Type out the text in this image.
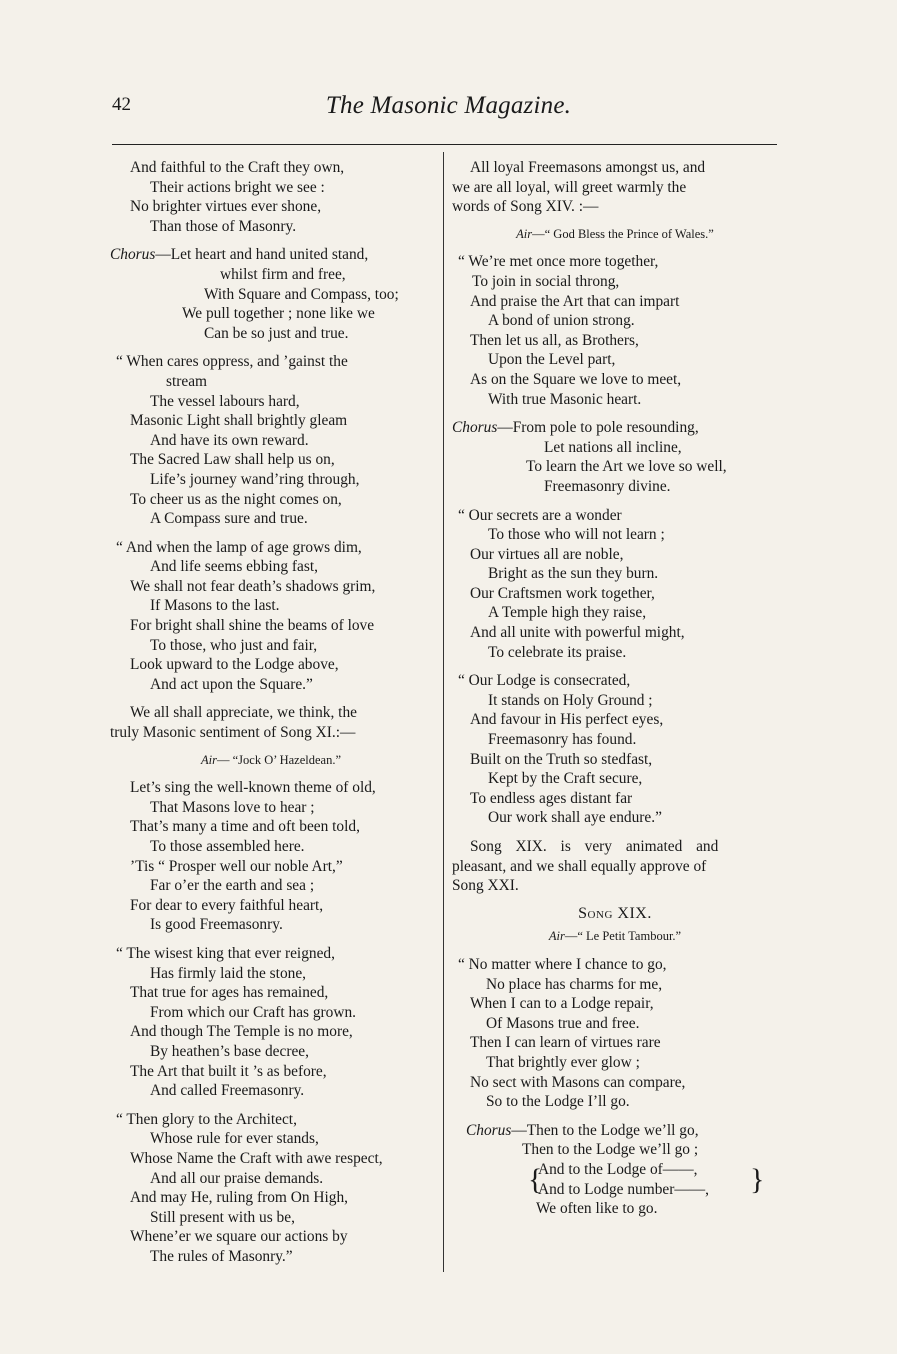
42	The Masonic Magazine.
And faithful to the Craft they own,
Their actions bright we see :
No brighter virtues ever shone,
Than those of Masonry.
Chorus—Let heart and hand united stand,
whilst firm and free,
With Square and Compass, too;
We pull together ; none like we
Can be so just and true.
“ When cares oppress, and ’gainst the
stream
The vessel labours hard,
Masonic Light shall brightly gleam
And have its own reward.
The Sacred Law shall help us on,
Life’s journey wand’ring through,
To cheer us as the night comes on,
A Compass sure and true.
“ And when the lamp of age grows dim,
And life seems ebbing fast,
We shall not fear death’s shadows grim,
If Masons to the last.
For bright shall shine the beams of love
To those, who just and fair,
Look upward to the Lodge above,
And act upon the Square.”
We all shall appreciate, we think, the
truly Masonic sentiment of Song XI.:—
Air— “Jock O’ Hazeldean.”
Let’s sing the well-known theme of old,
That Masons love to hear ;
That’s many a time and oft been told,
To those assembled here.
’Tis “ Prosper well our noble Art,”
Far o’er the earth and sea ;
For dear to every faithful heart,
Is good Freemasonry.
“ The wisest king that ever reigned,
Has firmly laid the stone,
That true for ages has remained,
From which our Craft has grown.
And though The Temple is no more,
By heathen’s base decree,
The Art that built it ’s as before,
And called Freemasonry.
“ Then glory to the Architect,
Whose rule for ever stands,
Whose Name the Craft with awe respect,
And all our praise demands.
And may He, ruling from On High,
Still present with us be,
Whene’er we square our actions by
The rules of Masonry.”
All loyal Freemasons amongst us, and
we are all loyal, will greet warmly the
words of Song XIV. :—
Air—“ God Bless the Prince of Wales.”
“ We’re met once more together,
To join in social throng,
And praise the Art that can impart
A bond of union strong.
Then let us all, as Brothers,
Upon the Level part,
As on the Square we love to meet,
With true Masonic heart.
Chorus—From pole to pole resounding,
Let nations all incline,
To learn the Art we love so well,
Freemasonry divine.
“ Our secrets are a wonder
To those who will not learn ;
Our virtues all are noble,
Bright as the sun they burn.
Our Craftsmen work together,
A Temple high they raise,
And all unite with powerful might,
To celebrate its praise.
“ Our Lodge is consecrated,
It stands on Holy Ground ;
And favour in His perfect eyes,
Freemasonry has found.
Built on the Truth so stedfast,
Kept by the Craft secure,
To endless ages distant far
Our work shall aye endure.”
Song XIX. is very animated and
pleasant, and we shall equally approve of
Song XXI.
Song XIX.
Air—“ Le Petit Tambour.”
“ No matter where I chance to go,
No place has charms for me,
When I can to a Lodge repair,
Of Masons true and free.
Then I can learn of virtues rare
That brightly ever glow ;
No sect with Masons can compare,
So to the Lodge I’ll go.
Chorus—Then to the Lodge we’ll go,
Then to the Lodge we’ll go ;
{	}
And to the Lodge of——,
And to Lodge number——,
We often like to go.
